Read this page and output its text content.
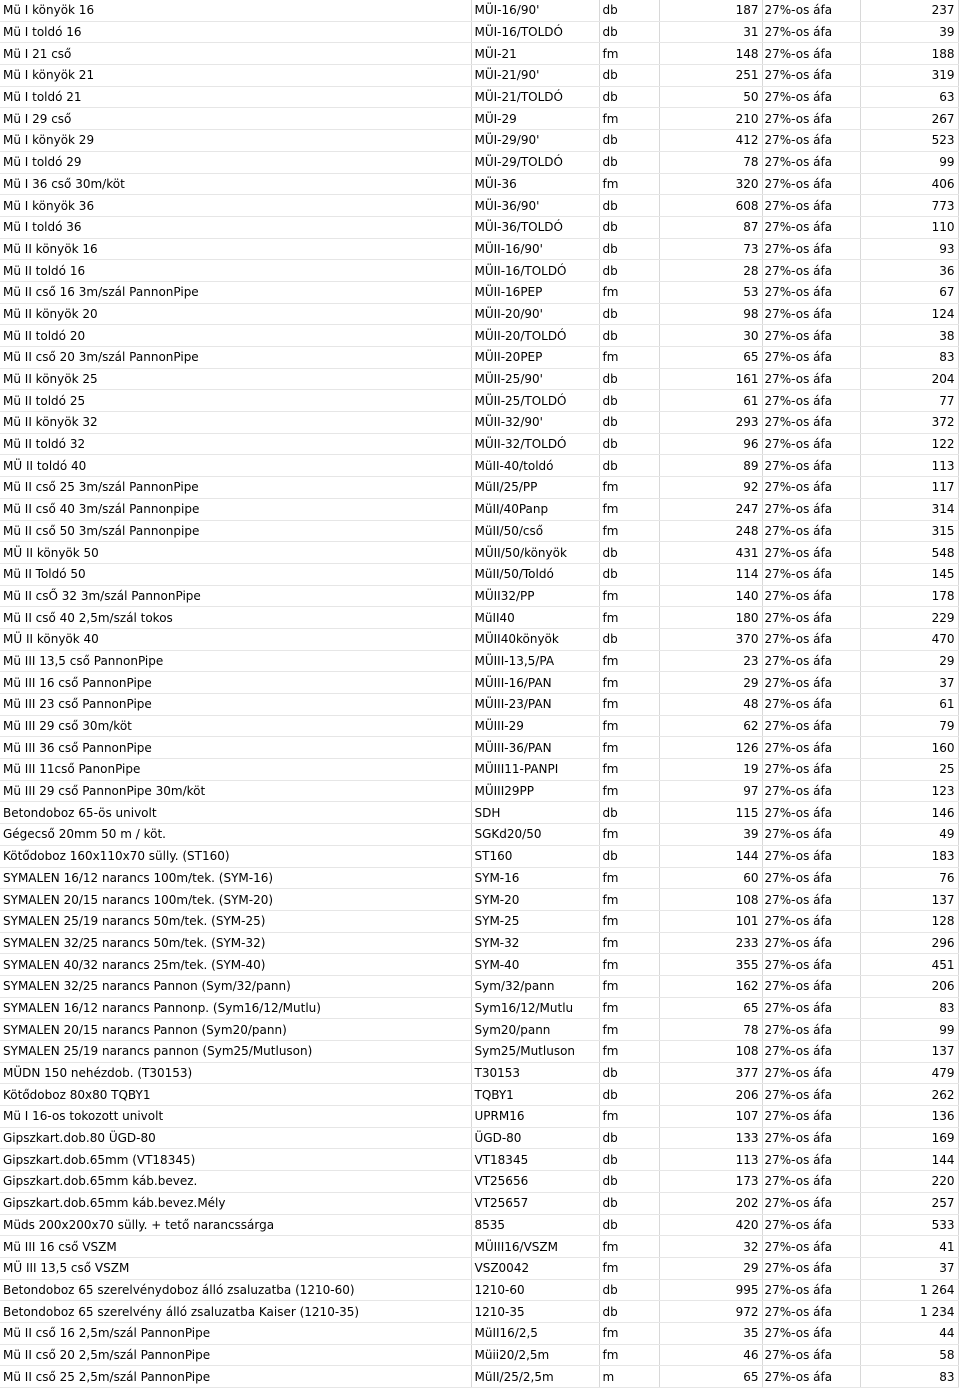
Mü I könyök 16	MÜI-16/90'	db	187	27%-os áfa	237
Mü I toldó 16	MÜI-16/TOLDÓ	db	31	27%-os áfa	39
Mü I 21 cső	MÜI-21	fm	148	27%-os áfa	188
Mü I könyök 21	MÜI-21/90'	db	251	27%-os áfa	319
Mü I toldó 21	MÜI-21/TOLDÓ	db	50	27%-os áfa	63
Mü I 29 cső	MÜI-29	fm	210	27%-os áfa	267
Mü I könyök 29	MÜI-29/90'	db	412	27%-os áfa	523
Mü I toldó 29	MÜI-29/TOLDÓ	db	78	27%-os áfa	99
Mü I 36 cső 30m/köt	MÜI-36	fm	320	27%-os áfa	406
Mü I könyök 36	MÜI-36/90'	db	608	27%-os áfa	773
Mü I toldó 36	MÜI-36/TOLDÓ	db	87	27%-os áfa	110
Mü II könyök 16	MÜII-16/90'	db	73	27%-os áfa	93
Mü II toldó 16	MÜII-16/TOLDÓ	db	28	27%-os áfa	36
Mü II cső 16 3m/szál PannonPipe	MÜII-16PEP	fm	53	27%-os áfa	67
Mü II könyök 20	MÜII-20/90'	db	98	27%-os áfa	124
Mü II toldó 20	MÜII-20/TOLDÓ	db	30	27%-os áfa	38
Mü II cső 20 3m/szál PannonPipe	MÜII-20PEP	fm	65	27%-os áfa	83
Mü II könyök 25	MÜII-25/90'	db	161	27%-os áfa	204
Mü II toldó 25	MÜII-25/TOLDÓ	db	61	27%-os áfa	77
Mü II könyök 32	MÜII-32/90'	db	293	27%-os áfa	372
Mü II toldó 32	MÜII-32/TOLDÓ	db	96	27%-os áfa	122
MÜ II toldó 40	MüII-40/toldó	db	89	27%-os áfa	113
Mü II cső 25 3m/szál PannonPipe	MüII/25/PP	fm	92	27%-os áfa	117
Mü II cső 40 3m/szál Pannonpipe	MüII/40Panp	fm	247	27%-os áfa	314
Mü II cső 50 3m/szál Pannonpipe	MüII/50/cső	fm	248	27%-os áfa	315
MÜ II könyök 50	MÜII/50/könyök	db	431	27%-os áfa	548
Mü II Toldó 50	MüII/50/Toldó	db	114	27%-os áfa	145
Mü II csŐ 32 3m/szál PannonPipe	MÜII32/PP	fm	140	27%-os áfa	178
Mü II cső 40 2,5m/szál tokos	MüII40	fm	180	27%-os áfa	229
MÜ II könyök 40	MÜII40könyök	db	370	27%-os áfa	470
Mü III 13,5 cső PannonPipe	MÜIII-13,5/PA	fm	23	27%-os áfa	29
Mü III 16 cső PannonPipe	MÜIII-16/PAN	fm	29	27%-os áfa	37
Mü III 23 cső PannonPipe	MÜIII-23/PAN	fm	48	27%-os áfa	61
Mü III 29 cső 30m/köt	MÜIII-29	fm	62	27%-os áfa	79
Mü III 36 cső PannonPipe	MÜIII-36/PAN	fm	126	27%-os áfa	160
Mü III 11cső PanonPipe	MÜIII11-PANPI	fm	19	27%-os áfa	25
Mü III 29 cső PannonPipe 30m/köt	MÜIII29PP	fm	97	27%-os áfa	123
Betondoboz 65-ös univolt	SDH	db	115	27%-os áfa	146
Gégecső 20mm 50 m / köt.	SGKd20/50	fm	39	27%-os áfa	49
Kötődoboz 160x110x70 sülly. (ST160)	ST160	db	144	27%-os áfa	183
SYMALEN 16/12 narancs 100m/tek. (SYM-16)	SYM-16	fm	60	27%-os áfa	76
SYMALEN 20/15 narancs 100m/tek. (SYM-20)	SYM-20	fm	108	27%-os áfa	137
SYMALEN 25/19 narancs 50m/tek. (SYM-25)	SYM-25	fm	101	27%-os áfa	128
SYMALEN 32/25 narancs 50m/tek. (SYM-32)	SYM-32	fm	233	27%-os áfa	296
SYMALEN 40/32 narancs 25m/tek. (SYM-40)	SYM-40	fm	355	27%-os áfa	451
SYMALEN 32/25 narancs Pannon (Sym/32/pann)	Sym/32/pann	fm	162	27%-os áfa	206
SYMALEN 16/12 narancs Pannonp. (Sym16/12/Mutlu)	Sym16/12/Mutlu	fm	65	27%-os áfa	83
SYMALEN 20/15 narancs Pannon (Sym20/pann)	Sym20/pann	fm	78	27%-os áfa	99
SYMALEN 25/19 narancs pannon (Sym25/Mutluson)	Sym25/Mutluson	fm	108	27%-os áfa	137
MÜDN 150 nehézdob. (T30153)	T30153	db	377	27%-os áfa	479
Kötődoboz 80x80 TQBY1	TQBY1	db	206	27%-os áfa	262
Mü I 16-os tokozott univolt	UPRM16	fm	107	27%-os áfa	136
Gipszkart.dob.80 ÜGD-80	ÜGD-80	db	133	27%-os áfa	169
Gipszkart.dob.65mm (VT18345)	VT18345	db	113	27%-os áfa	144
Gipszkart.dob.65mm káb.bevez.	VT25656	db	173	27%-os áfa	220
Gipszkart.dob.65mm káb.bevez.Mély	VT25657	db	202	27%-os áfa	257
Müds 200x200x70 sülly. + tető narancssárga	8535	db	420	27%-os áfa	533
Mü III 16 cső VSZM	MÜIII16/VSZM	fm	32	27%-os áfa	41
MÜ III 13,5 cső VSZM	VSZ0042	fm	29	27%-os áfa	37
Betondoboz 65 szerelvénydoboz álló zsaluzatba (1210-60)	1210-60	db	995	27%-os áfa	1 264
Betondoboz 65 szerelvény álló zsaluzatba Kaiser (1210-35)	1210-35	db	972	27%-os áfa	1 234
Mü II cső 16 2,5m/szál PannonPipe	MüII16/2,5	fm	35	27%-os áfa	44
Mü II cső 20 2,5m/szál PannonPipe	Müii20/2,5m	fm	46	27%-os áfa	58
Mü II cső 25 2,5m/szál PannonPipe	MüII/25/2,5m	m	65	27%-os áfa	83
